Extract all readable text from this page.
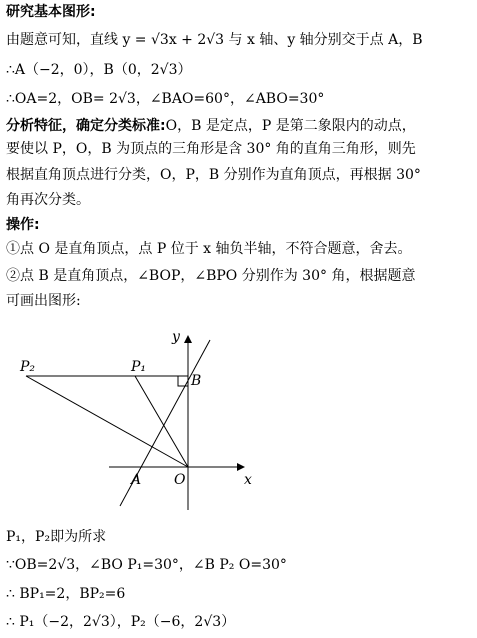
研究基本图形:
由题意可知，直线 y = √3x + 2√3 与 x 轴、y 轴分别交于点 A，B
∴A（−2，0），B（0，2√3）
∴OA=2，OB= 2√3，∠BAO=60°，∠ABO=30°
分析特征，确定分类标准:O，B 是定点，P 是第二象限内的动点，
要使以 P，O，B 为顶点的三角形是含 30° 角的直角三角形，则先
根据直角顶点进行分类，O，P，B 分别作为直角顶点，再根据 30°
角再次分类。
操作:
①点 O 是直角顶点，点 P 位于 x 轴负半轴，不符合题意，舍去。
②点 B 是直角顶点，∠BOP，∠BPO 分别作为 30° 角，根据题意
可画出图形:
y
x
P₂	P₁
B
A O
P₁，P₂即为所求
∵OB=2√3，∠BO P₁=30°，∠B P₂ O=30°
∴ BP₁=2，BP₂=6
∴ P₁（−2，2√3），P₂（−6，2√3）
